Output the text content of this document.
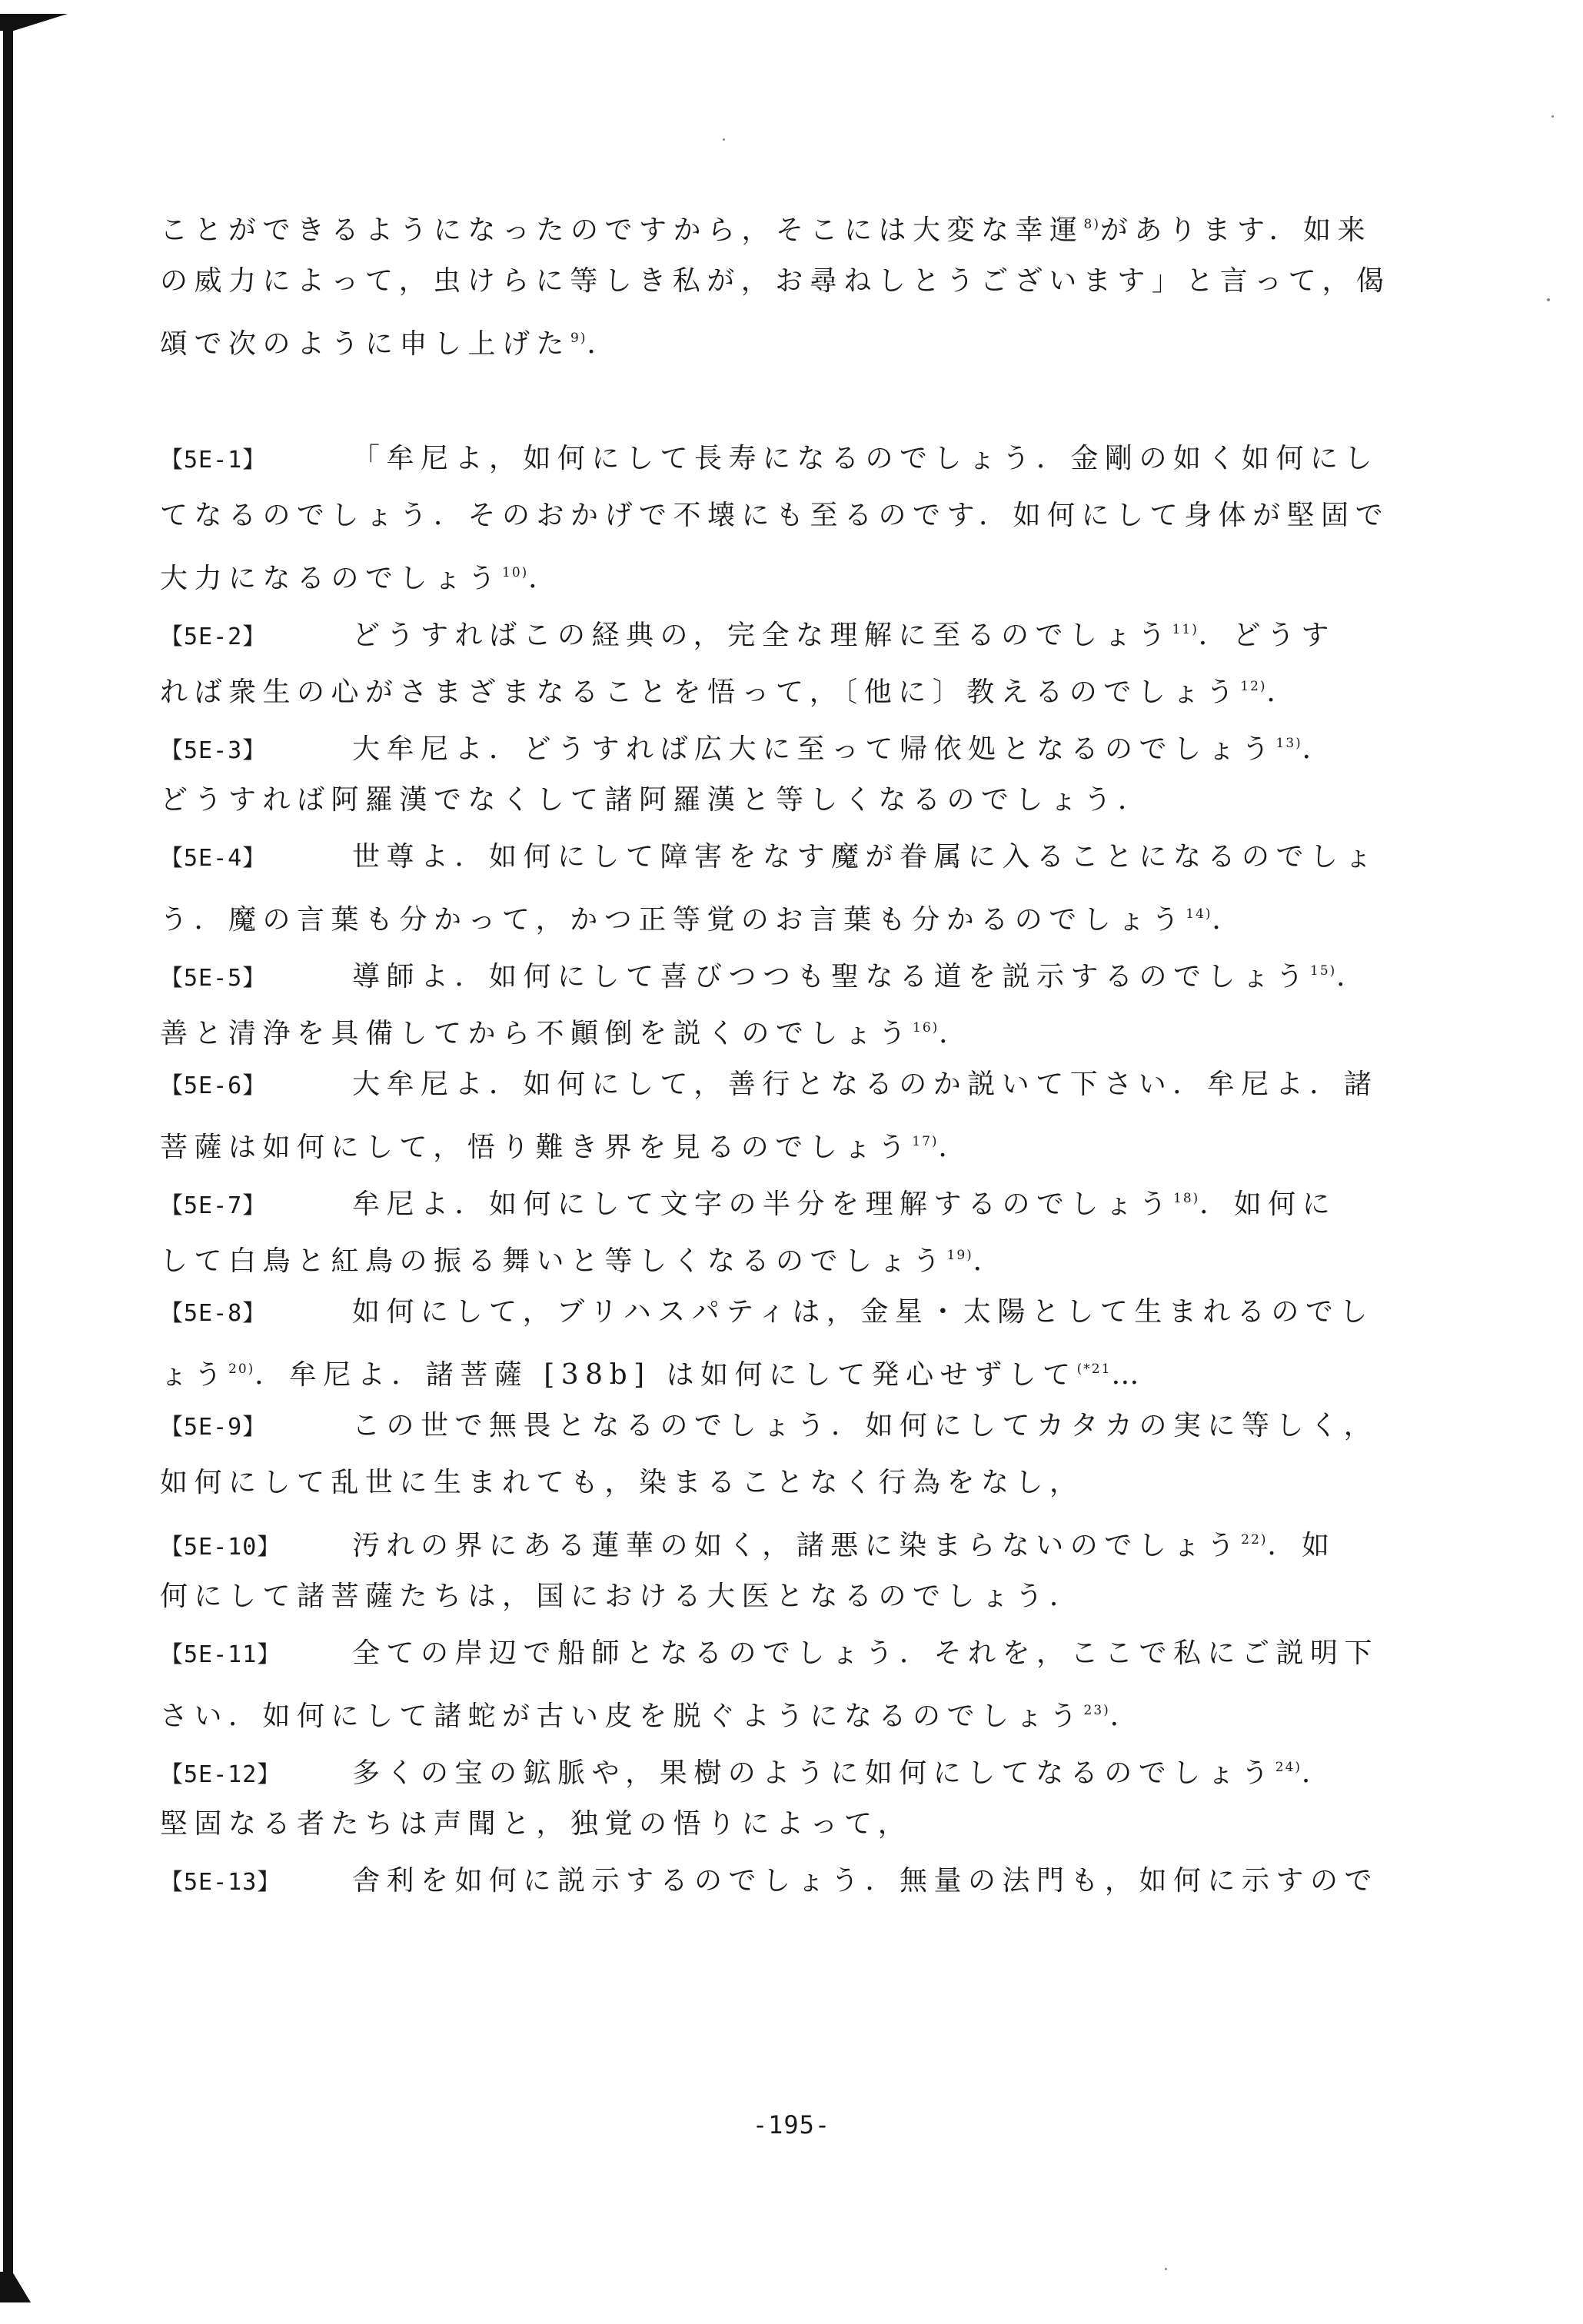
ことができるようになったのですから，そこには大変な幸運$^{8)}$があります．如来
の威力によって，虫けらに等しき私が，お尋ねしとうございます」と言って，偈
頌で次のように申し上げた$^{9)}$．
【5E-1】	「牟尼よ，如何にして長寿になるのでしょう．金剛の如く如何にし
てなるのでしょう．そのおかげで不壊にも至るのです．如何にして身体が堅固で
大力になるのでしょう$^{10)}$．
【5E-2】	どうすればこの経典の，完全な理解に至るのでしょう$^{11)}$．どうす
れば衆生の心がさまざまなることを悟って，〔他に〕教えるのでしょう$^{12)}$．
【5E-3】	大牟尼よ．どうすれば広大に至って帰依処となるのでしょう$^{13)}$．
どうすれば阿羅漢でなくして諸阿羅漢と等しくなるのでしょう．
【5E-4】	世尊よ．如何にして障害をなす魔が眷属に入ることになるのでしょ
う．魔の言葉も分かって，かつ正等覚のお言葉も分かるのでしょう$^{14)}$．
【5E-5】	導師よ．如何にして喜びつつも聖なる道を説示するのでしょう$^{15)}$．
善と清浄を具備してから不顚倒を説くのでしょう$^{16)}$．
【5E-6】	大牟尼よ．如何にして，善行となるのか説いて下さい．牟尼よ．諸
菩薩は如何にして，悟り難き界を見るのでしょう$^{17)}$．
【5E-7】	牟尼よ．如何にして文字の半分を理解するのでしょう$^{18)}$．如何に
して白鳥と紅鳥の振る舞いと等しくなるのでしょう$^{19)}$．
【5E-8】	如何にして，ブリハスパティは，金星・太陽として生まれるのでし
ょう$^{20)}$．牟尼よ．諸菩薩 [38b] は如何にして発心せずして$^{(*21}$…
【5E-9】	この世で無畏となるのでしょう．如何にしてカタカの実に等しく，
如何にして乱世に生まれても，染まることなく行為をなし，
【5E-10】	汚れの界にある蓮華の如く，諸悪に染まらないのでしょう$^{22)}$．如
何にして諸菩薩たちは，国における大医となるのでしょう．
【5E-11】	全ての岸辺で船師となるのでしょう．それを，ここで私にご説明下
さい．如何にして諸蛇が古い皮を脱ぐようになるのでしょう$^{23)}$．
【5E-12】	多くの宝の鉱脈や，果樹のように如何にしてなるのでしょう$^{24)}$．
堅固なる者たちは声聞と，独覚の悟りによって，
【5E-13】	舎利を如何に説示するのでしょう．無量の法門も，如何に示すので
-195-
